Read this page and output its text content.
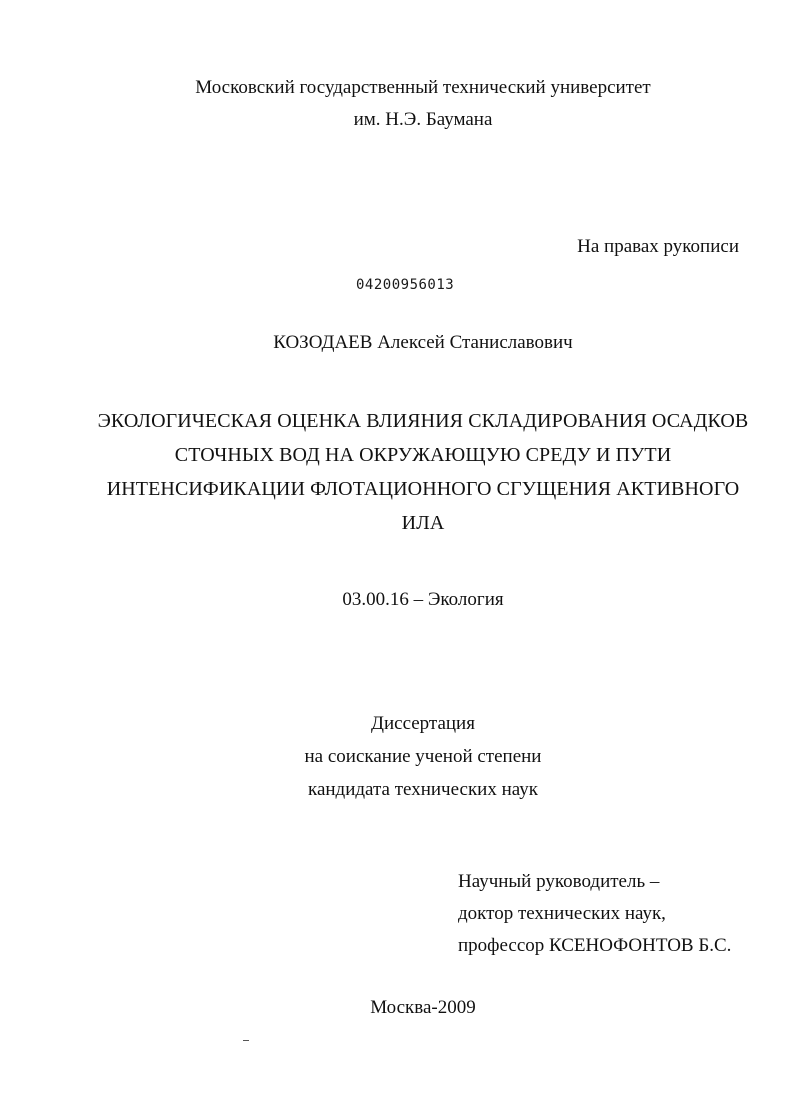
Московский государственный технический университет
им. Н.Э. Баумана
На правах рукописи
04200956013
КОЗОДАЕВ Алексей Станиславович
ЭКОЛОГИЧЕСКАЯ ОЦЕНКА ВЛИЯНИЯ СКЛАДИРОВАНИЯ ОСАДКОВ
СТОЧНЫХ ВОД НА ОКРУЖАЮЩУЮ СРЕДУ И ПУТИ
ИНТЕНСИФИКАЦИИ ФЛОТАЦИОННОГО СГУЩЕНИЯ АКТИВНОГО
ИЛА
03.00.16 – Экология
Диссертация
на соискание ученой степени
кандидата технических наук
Научный руководитель –
доктор технических наук,
профессор КСЕНОФОНТОВ Б.С.
Москва-2009
